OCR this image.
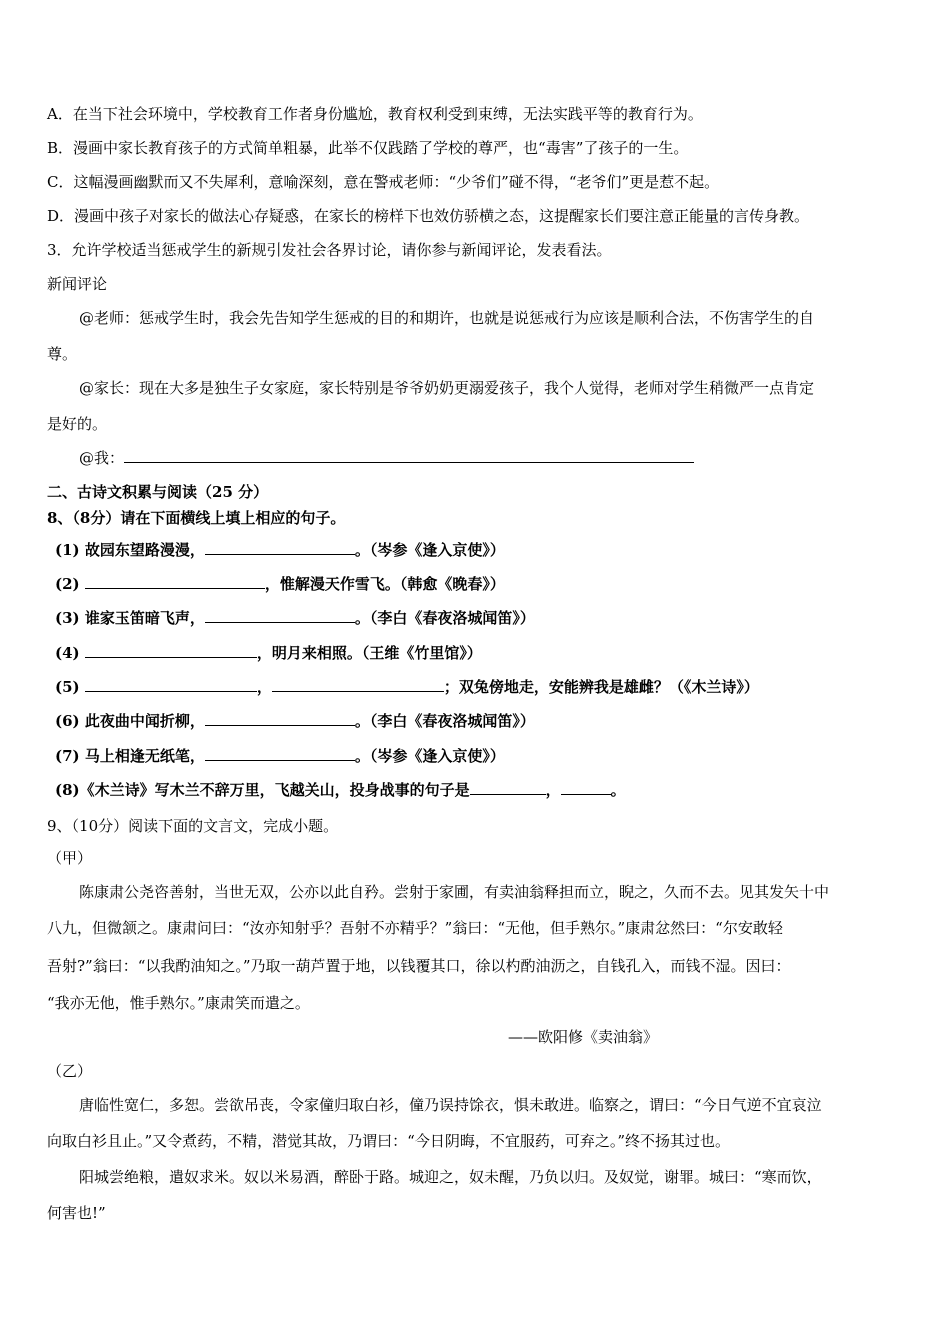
A．在当下社会环境中，学校教育工作者身份尴尬，教育权利受到束缚，无法实践平等的教育行为。
B．漫画中家长教育孩子的方式简单粗暴，此举不仅践踏了学校的尊严，也“毒害”了孩子的一生。
C．这幅漫画幽默而又不失犀利，意喻深刻，意在警戒老师：“少爷们”碰不得，“老爷们”更是惹不起。
D．漫画中孩子对家长的做法心存疑惑，在家长的榜样下也效仿骄横之态，这提醒家长们要注意正能量的言传身教。
3．允许学校适当惩戒学生的新规引发社会各界讨论，请你参与新闻评论，发表看法。
新闻评论
@老师：惩戒学生时，我会先告知学生惩戒的目的和期许，也就是说惩戒行为应该是顺利合法，不伤害学生的自
尊。
@家长：现在大多是独生子女家庭，家长特别是爷爷奶奶更溺爱孩子，我个人觉得，老师对学生稍微严一点肯定
是好的。
@我：
二、古诗文积累与阅读（25 分）
8、（8分）请在下面横线上填上相应的句子。
(1) 故园东望路漫漫，	。（岑参《逢入京使》）
(2)	，惟解漫天作雪飞。（韩愈《晚春》）
(3) 谁家玉笛暗飞声，	。（李白《春夜洛城闻笛》）
(4)	，明月来相照。（王维《竹里馆》）
(5)	，	；双兔傍地走，安能辨我是雄雌？（《木兰诗》）
(6) 此夜曲中闻折柳，	。（李白《春夜洛城闻笛》）
(7) 马上相逢无纸笔，	。（岑参《逢入京使》）
(8)《木兰诗》写木兰不辞万里，飞越关山，投身战事的句子是	，	。
9、（10分）阅读下面的文言文，完成小题。
（甲）
陈康肃公尧咨善射，当世无双，公亦以此自矜。尝射于家圃，有卖油翁释担而立，睨之，久而不去。见其发矢十中
八九，但微颔之。康肃问曰：“汝亦知射乎？吾射不亦精乎？”翁曰：“无他，但手熟尔。”康肃忿然曰：“尔安敢轻
吾射?”翁曰：“以我酌油知之。”乃取一葫芦置于地，以钱覆其口，徐以杓酌油沥之，自钱孔入，而钱不湿。因曰：
“我亦无他，惟手熟尔。”康肃笑而遣之。
——欧阳修《卖油翁》
（乙）
唐临性宽仁，多恕。尝欲吊丧，令家僮归取白衫，僮乃误持馀衣，惧未敢进。临察之，谓曰：“今日气逆不宜哀泣
向取白衫且止。”又令煮药，不精，潜觉其故，乃谓曰：“今日阴晦，不宜服药，可弃之。”终不扬其过也。
阳城尝绝粮，遣奴求米。奴以米易酒，醉卧于路。城迎之，奴未醒，乃负以归。及奴觉，谢罪。城曰：“寒而饮，
何害也!”
